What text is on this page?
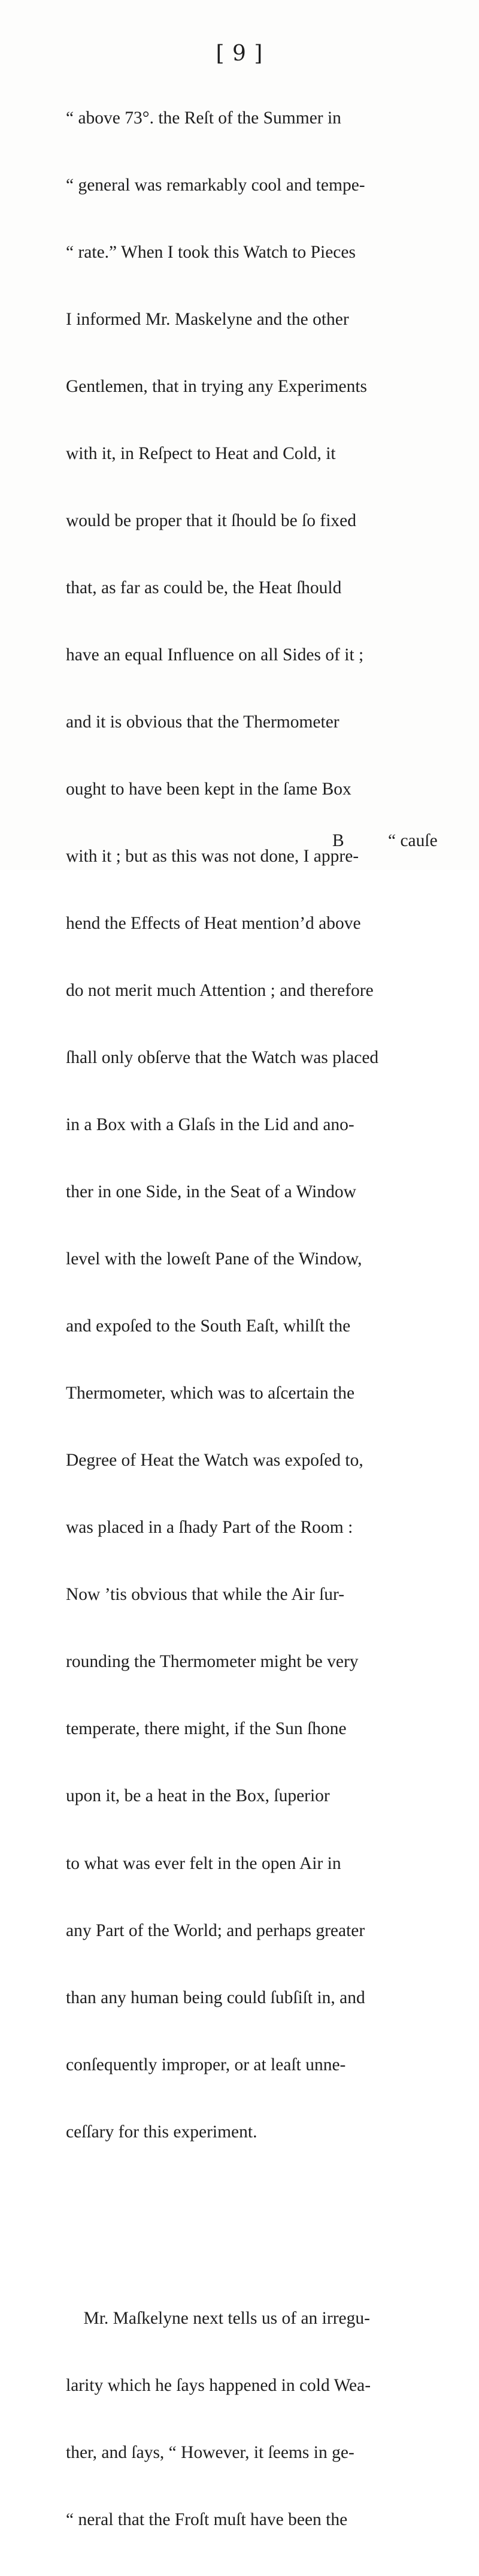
[ 9 ]

“ above 73°. the Reſt of the Summer in

“ general was remarkably cool and tempe-

“ rate.” When I took this Watch to Pieces

I informed Mr. Maskelyne and the other

Gentlemen, that in trying any Experiments

with it, in Reſpect to Heat and Cold, it

would be proper that it ſhould be ſo fixed

that, as far as could be, the Heat ſhould

have an equal Influence on all Sides of it ;

and it is obvious that the Thermometer

ought to have been kept in the ſame Box

with it ; but as this was not done, I appre-

hend the Effects of Heat mention’d above

do not merit much Attention ; and therefore

ſhall only obſerve that the Watch was placed

in a Box with a Glaſs in the Lid and ano-

ther in one Side, in the Seat of a Window

level with the loweſt Pane of the Window,

and expoſed to the South Eaſt, whilſt the

Thermometer, which was to aſcertain the

Degree of Heat the Watch was expoſed to,

was placed in a ſhady Part of the Room :

Now ’tis obvious that while the Air ſur-

rounding the Thermometer might be very

temperate, there might, if the Sun ſhone

upon it, be a heat in the Box, ſuperior

to what was ever felt in the open Air in

any Part of the World; and perhaps greater

than any human being could ſubſiſt in, and

conſequently improper, or at leaſt unne-

ceſſary for this experiment.

Mr. Maſkelyne next tells us of an irregu-

larity which he ſays happened in cold Wea-

ther, and ſays, “ However, it ſeems in ge-

“ neral that the Froſt muſt have been the

B “ cauſe
